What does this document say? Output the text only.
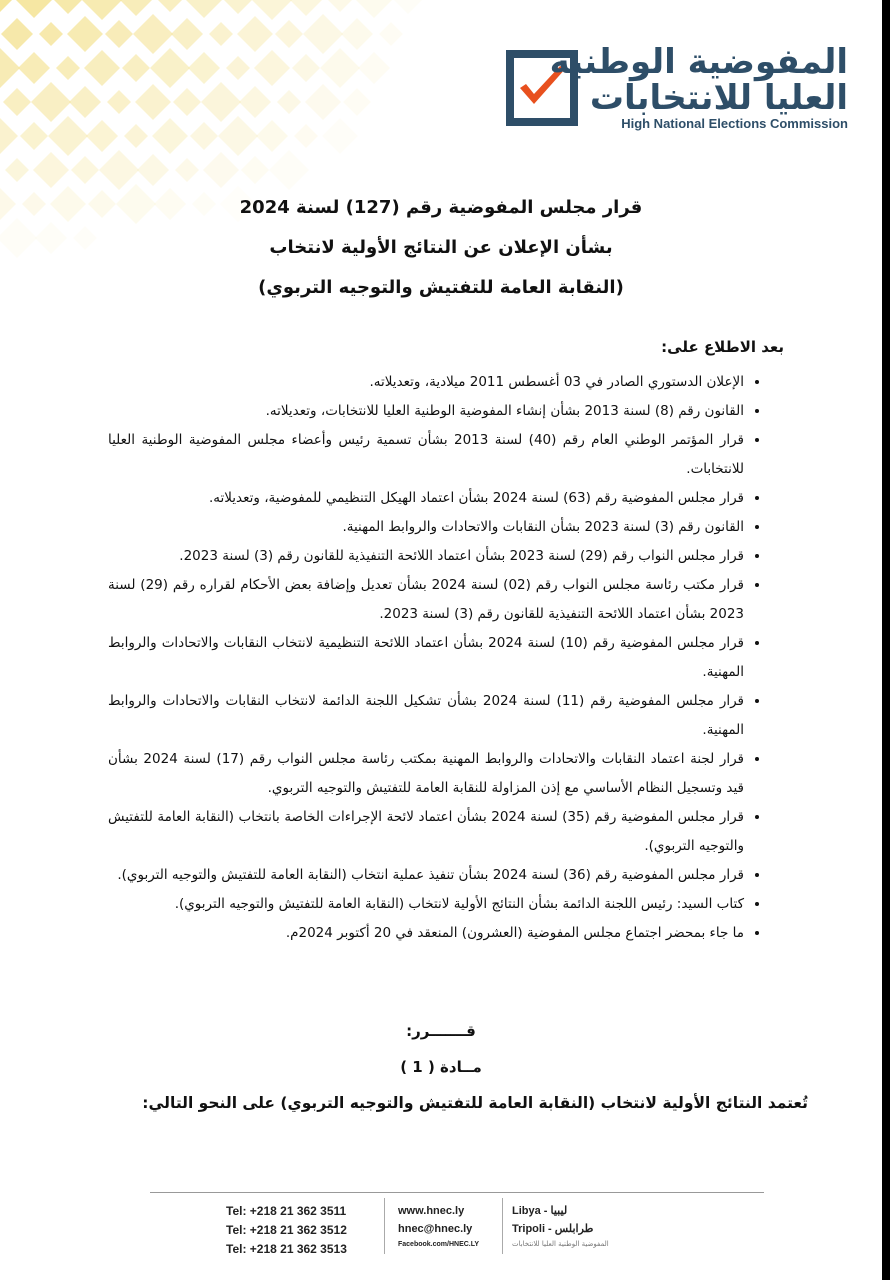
المفوضية الوطنية
العليا للانتخابات
High National Elections Commission
قرار مجلس المفوضية رقم (127) لسنة 2024
بشأن الإعلان عن النتائج الأولية لانتخاب
(النقابة العامة للتفتيش والتوجيه التربوي)
بعد الاطلاع على:
• الإعلان الدستوري الصادر في 03 أغسطس 2011 ميلادية، وتعديلاته.
• القانون رقم (8) لسنة 2013 بشأن إنشاء المفوضية الوطنية العليا للانتخابات، وتعديلاته.
• قرار المؤتمر الوطني العام رقم (40) لسنة 2013 بشأن تسمية رئيس وأعضاء مجلس المفوضية الوطنية العليا للانتخابات.
• قرار مجلس المفوضية رقم (63) لسنة 2024 بشأن اعتماد الهيكل التنظيمي للمفوضية، وتعديلاته.
• القانون رقم (3) لسنة 2023 بشأن النقابات والاتحادات والروابط المهنية.
• قرار مجلس النواب رقم (29) لسنة 2023 بشأن اعتماد اللائحة التنفيذية للقانون رقم (3) لسنة 2023.
• قرار مكتب رئاسة مجلس النواب رقم (02) لسنة 2024 بشأن تعديل وإضافة بعض الأحكام لقراره رقم (29) لسنة 2023 بشأن اعتماد اللائحة التنفيذية للقانون رقم (3) لسنة 2023.
• قرار مجلس المفوضية رقم (10) لسنة 2024 بشأن اعتماد اللائحة التنظيمية لانتخاب النقابات والاتحادات والروابط المهنية.
• قرار مجلس المفوضية رقم (11) لسنة 2024 بشأن تشكيل اللجنة الدائمة لانتخاب النقابات والاتحادات والروابط المهنية.
• قرار لجنة اعتماد النقابات والاتحادات والروابط المهنية بمكتب رئاسة مجلس النواب رقم (17) لسنة 2024 بشأن قيد وتسجيل النظام الأساسي مع إذن المزاولة للنقابة العامة للتفتيش والتوجيه التربوي.
• قرار مجلس المفوضية رقم (35) لسنة 2024 بشأن اعتماد لائحة الإجراءات الخاصة بانتخاب (النقابة العامة للتفتيش والتوجيه التربوي).
• قرار مجلس المفوضية رقم (36) لسنة 2024 بشأن تنفيذ عملية انتخاب (النقابة العامة للتفتيش والتوجيه التربوي).
• كتاب السيد: رئيس اللجنة الدائمة بشأن النتائج الأولية لانتخاب (النقابة العامة للتفتيش والتوجيه التربوي).
• ما جاء بمحضر اجتماع مجلس المفوضية (العشرون) المنعقد في 20 أكتوبر 2024م.
قـــــــرر:
مــادة ( 1 )
تُعتمد النتائج الأولية لانتخاب (النقابة العامة للتفتيش والتوجيه التربوي) على النحو التالي:
Tel: +218 21 362 3511
Tel: +218 21 362 3512
Tel: +218 21 362 3513
www.hnec.ly
hnec@hnec.ly
Facebook.com/HNEC.LY
Libya - ليبيا
Tripoli - طرابلس
المفوضية الوطنية العليا للانتخابات
